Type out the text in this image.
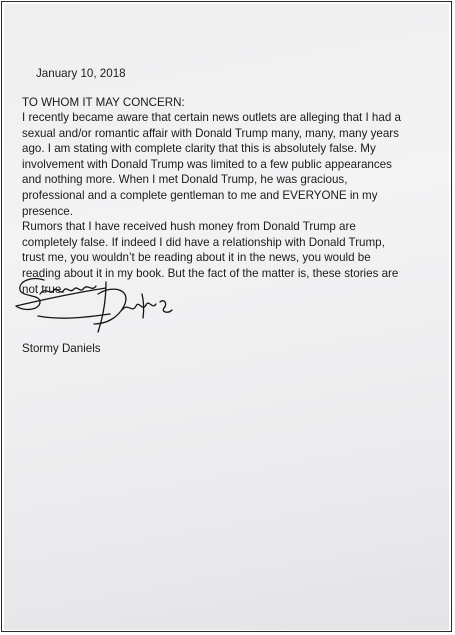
January 10, 2018
TO WHOM IT MAY CONCERN:
I recently became aware that certain news outlets are alleging that I had a
sexual and/or romantic affair with Donald Trump many, many, many years
ago. I am stating with complete clarity that this is absolutely false. My
involvement with Donald Trump was limited to a few public appearances
and nothing more. When I met Donald Trump, he was gracious,
professional and a complete gentleman to me and EVERYONE in my
presence.
Rumors that I have received hush money from Donald Trump are
completely false. If indeed I did have a relationship with Donald Trump,
trust me, you wouldn’t be reading about it in the news, you would be
reading about it in my book. But the fact of the matter is, these stories are
not true.
Stormy Daniels
